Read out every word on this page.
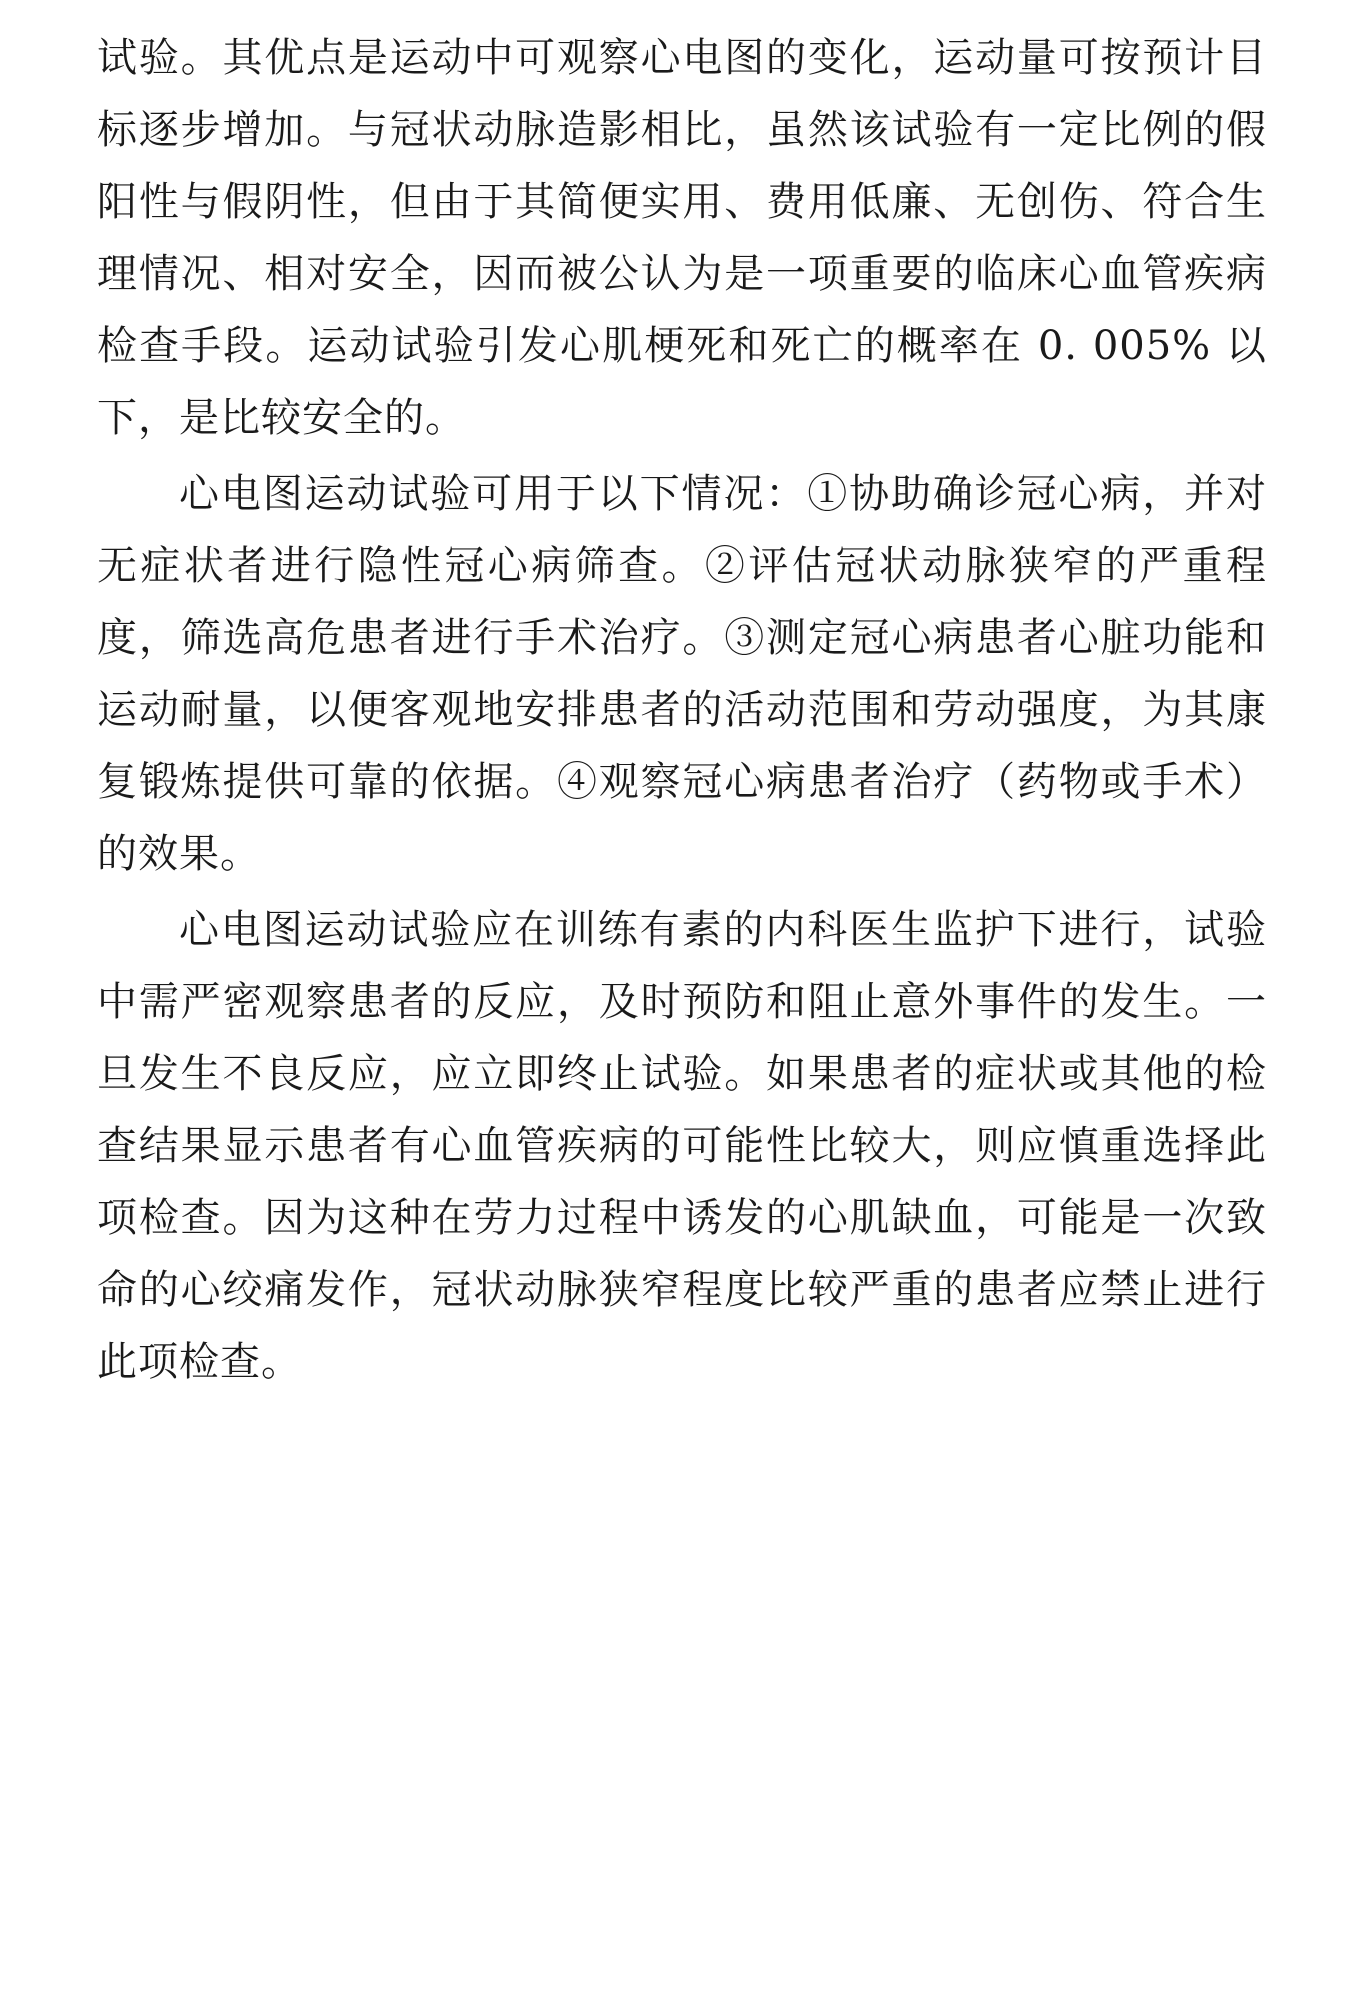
试验。其优点是运动中可观察心电图的变化，运动量可按预计目标逐步增加。与冠状动脉造影相比，虽然该试验有一定比例的假阳性与假阴性，但由于其简便实用、费用低廉、无创伤、符合生理情况、相对安全，因而被公认为是一项重要的临床心血管疾病检查手段。运动试验引发心肌梗死和死亡的概率在 0. 005% 以下，是比较安全的。

心电图运动试验可用于以下情况：①协助确诊冠心病，并对无症状者进行隐性冠心病筛查。②评估冠状动脉狭窄的严重程度，筛选高危患者进行手术治疗。③测定冠心病患者心脏功能和运动耐量，以便客观地安排患者的活动范围和劳动强度，为其康复锻炼提供可靠的依据。④观察冠心病患者治疗（药物或手术）的效果。

心电图运动试验应在训练有素的内科医生监护下进行，试验中需严密观察患者的反应，及时预防和阻止意外事件的发生。一旦发生不良反应，应立即终止试验。如果患者的症状或其他的检查结果显示患者有心血管疾病的可能性比较大，则应慎重选择此项检查。因为这种在劳力过程中诱发的心肌缺血，可能是一次致命的心绞痛发作，冠状动脉狭窄程度比较严重的患者应禁止进行此项检查。
